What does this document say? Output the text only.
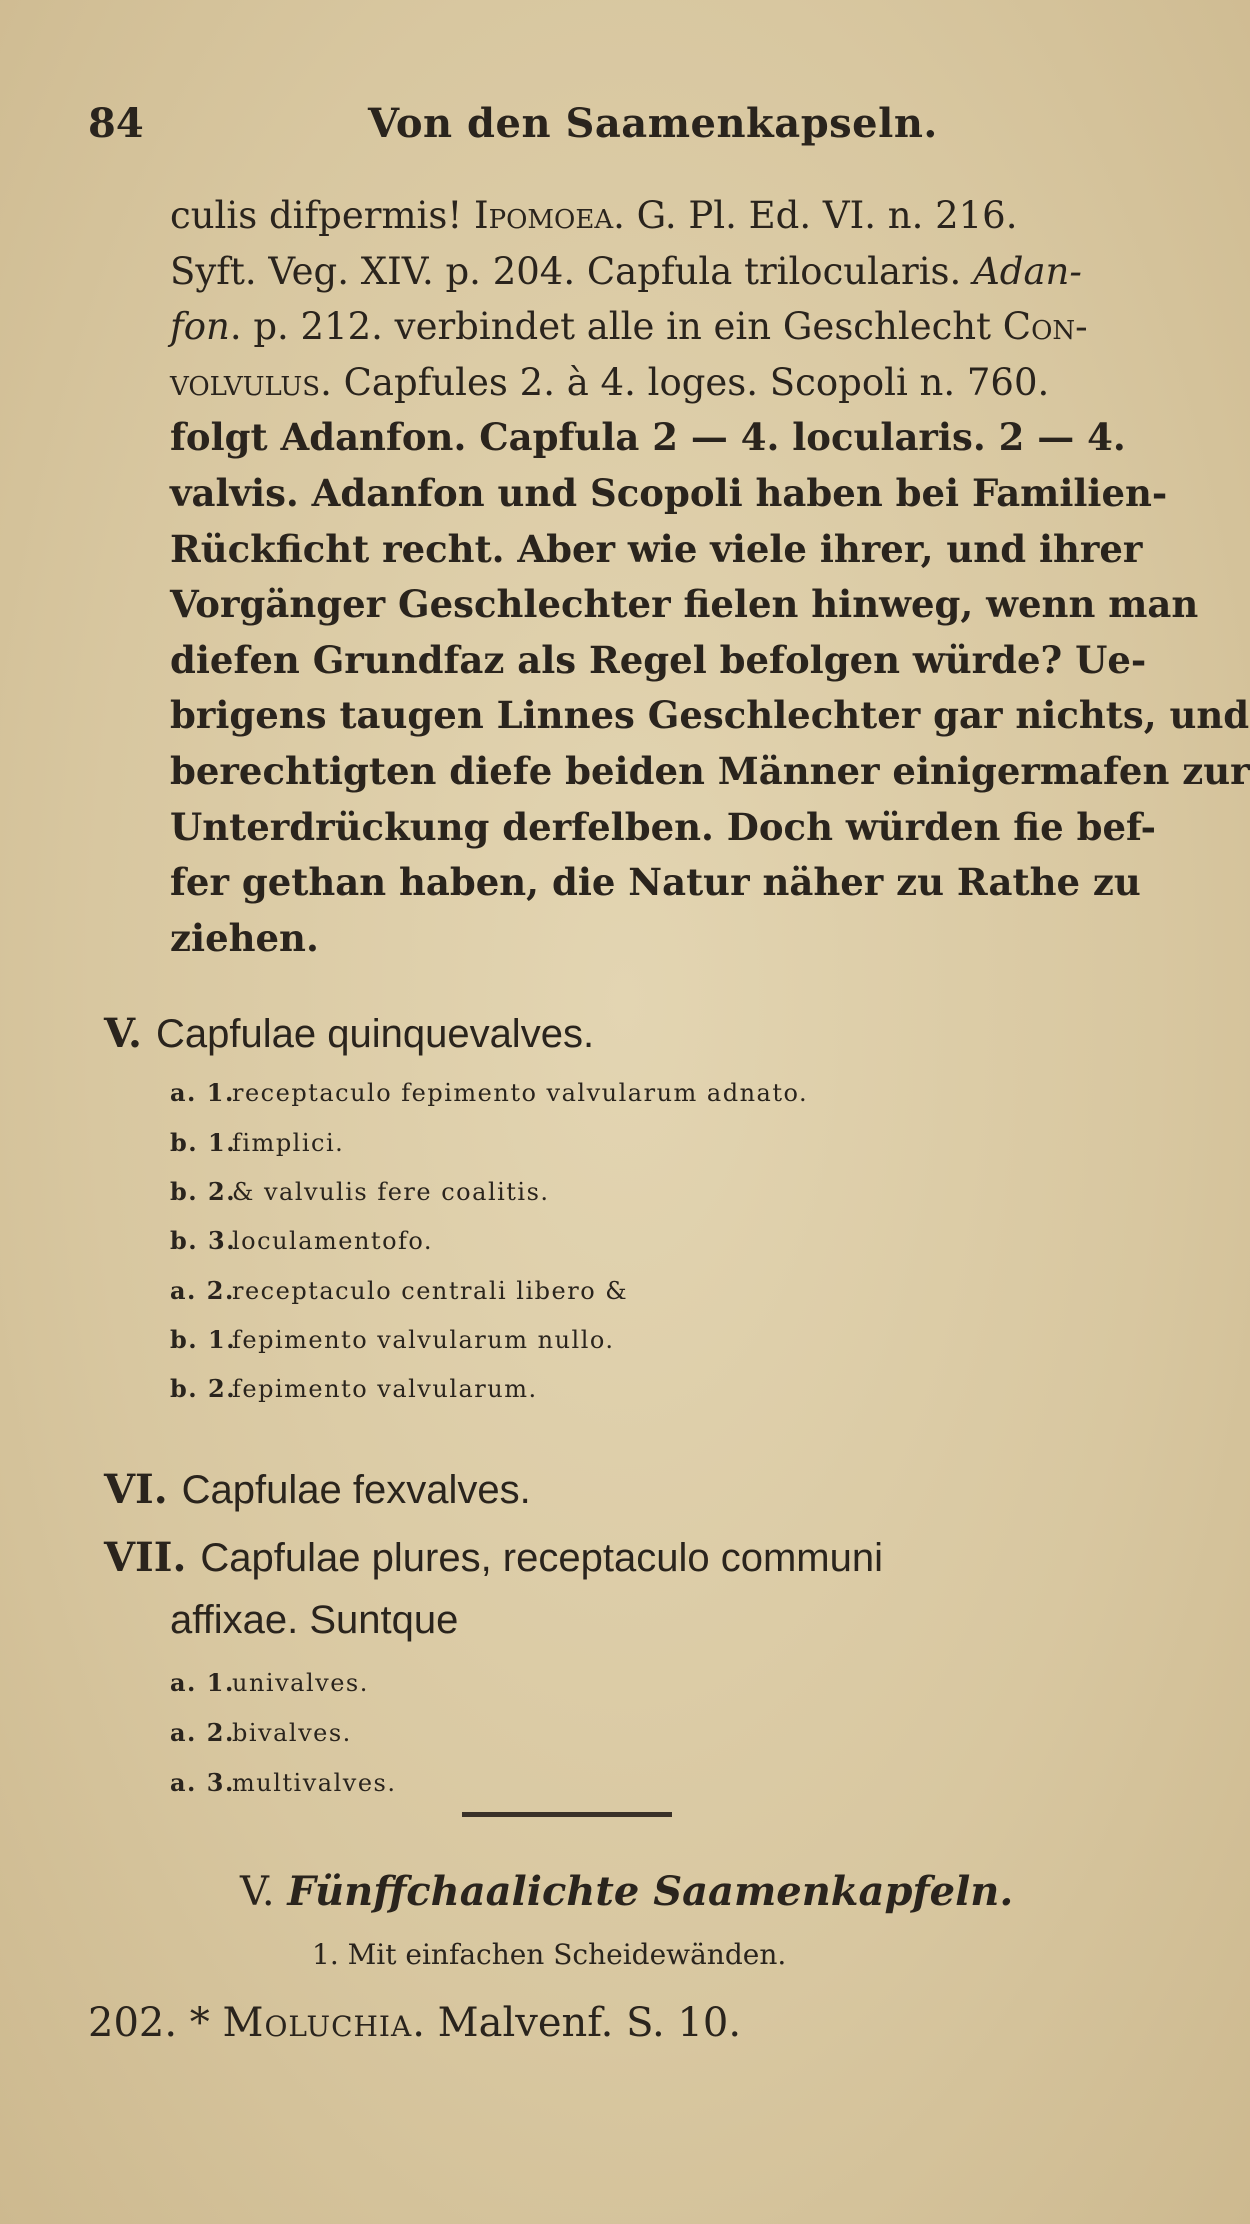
84	Von den Saamenkapseln.
culis difpermis! Ipomoea. G. Pl. Ed. VI. n. 216.
Syft. Veg. XIV. p. 204. Capfula trilocularis. Adan-
fon. p. 212. verbindet alle in ein Geschlecht Con-
volvulus. Capfules 2. à 4. loges. Scopoli n. 760.
folgt Adanfon. Capfula 2 — 4. locularis. 2 — 4.
valvis. Adanfon und Scopoli haben bei Familien-
Rückficht recht. Aber wie viele ihrer, und ihrer
Vorgänger Geschlechter fielen hinweg, wenn man
diefen Grundfaz als Regel befolgen würde? Ue-
brigens taugen Linnes Geschlechter gar nichts, und
berechtigten diefe beiden Männer einigermafen zur
Unterdrückung derfelben. Doch würden fie bef-
fer gethan haben, die Natur näher zu Rathe zu
ziehen.
V. Capfulae quinquevalves.
a. 1.receptaculo fepimento valvularum adnato.
b. 1.fimplici.
b. 2.& valvulis fere coalitis.
b. 3.loculamentofo.
a. 2.receptaculo centrali libero &
b. 1.fepimento valvularum nullo.
b. 2.fepimento valvularum.
VI. Capfulae fexvalves.
VII. Capfulae plures, receptaculo communi
affixae. Suntque
a. 1.univalves.
a. 2.bivalves.
a. 3.multivalves.
V. Fünffchaalichte Saamenkapfeln.
1. Mit einfachen Scheidewänden.
202. * Moluchia. Malvenf. S. 10.
